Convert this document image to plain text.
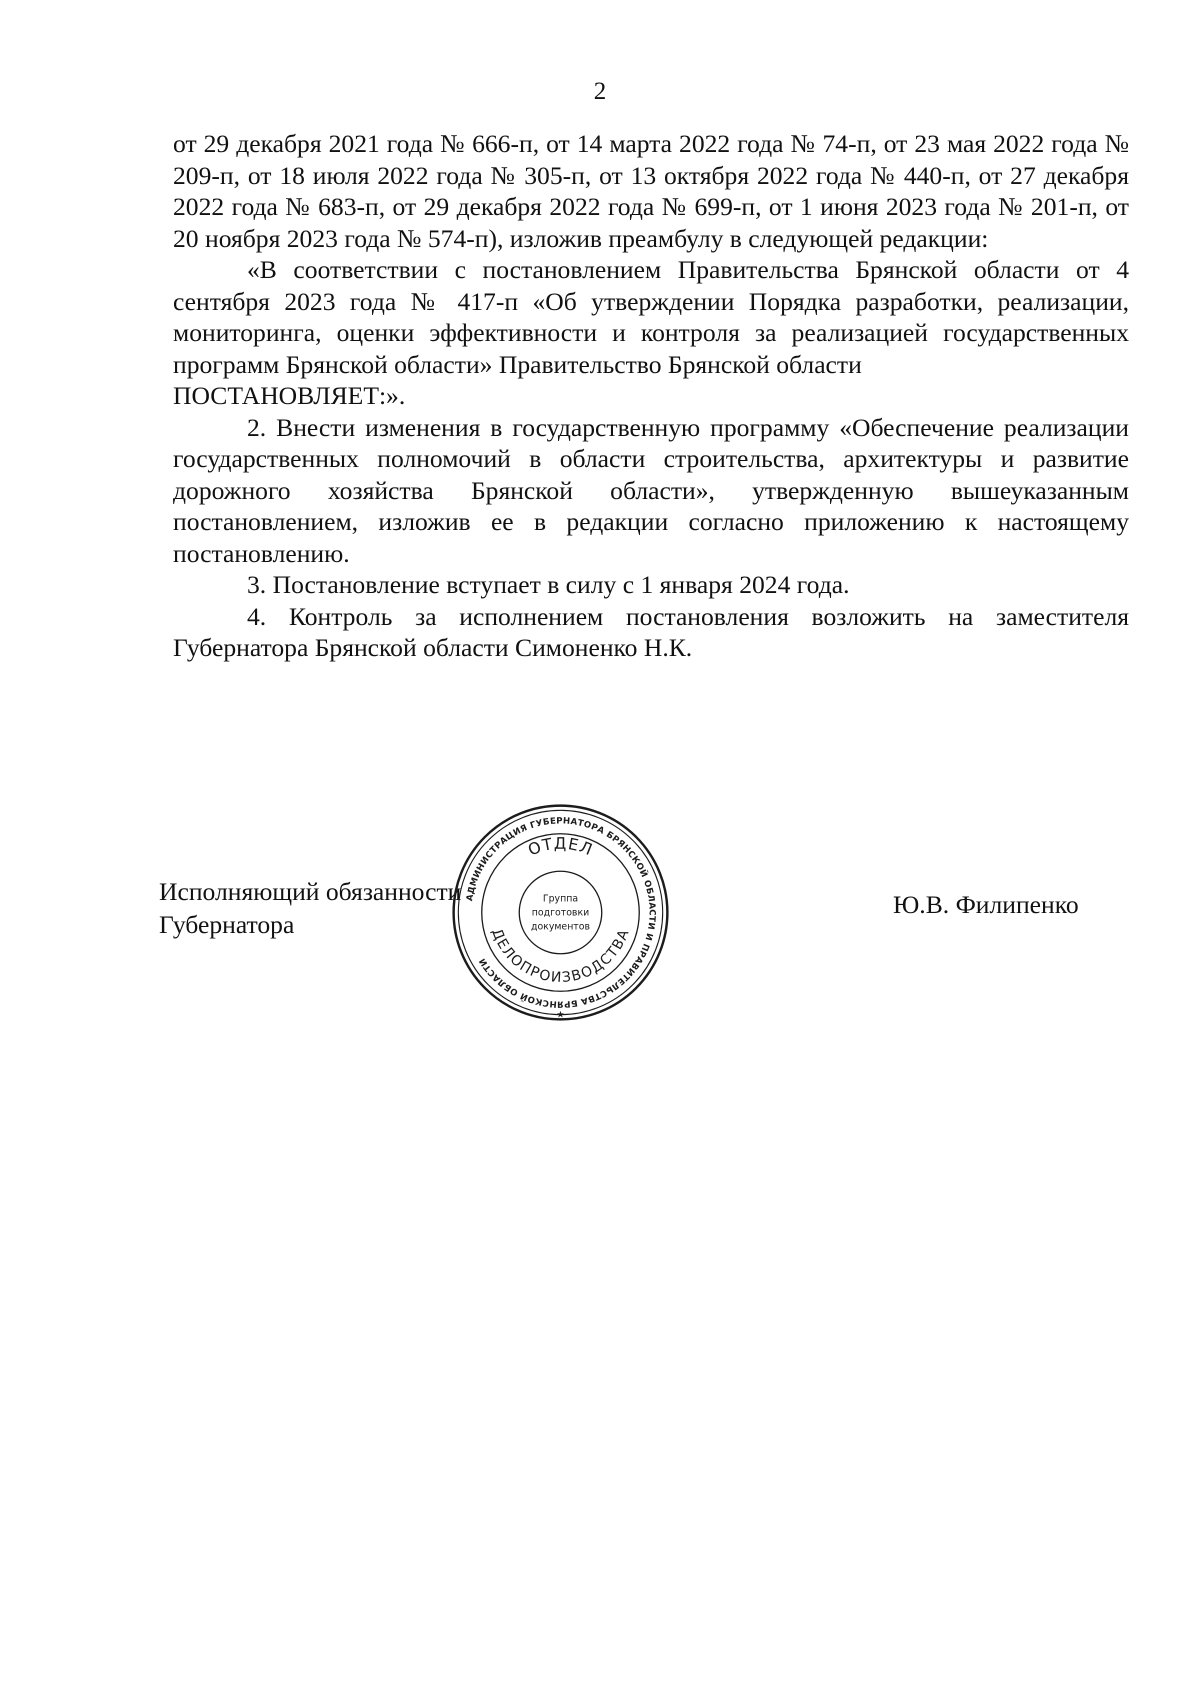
2

от 29 декабря 2021 года № 666-п, от 14 марта 2022 года № 74-п, от 23 мая 2022 года № 209-п, от 18 июля 2022 года № 305-п, от 13 октября 2022 года № 440-п, от 27 декабря 2022 года № 683-п, от 29 декабря 2022 года № 699-п, от 1 июня 2023 года № 201-п, от 20 ноября 2023 года № 574-п), изложив преамбулу в следующей редакции:

«В соответствии с постановлением Правительства Брянской области от 4 сентября 2023 года № 417-п «Об утверждении Порядка разработки, реализации, мониторинга, оценки эффективности и контроля за реализацией государственных программ Брянской области» Правительство Брянской области

ПОСТАНОВЛЯЕТ:».

2. Внести изменения в государственную программу «Обеспечение реализации государственных полномочий в области строительства, архитектуры и развитие дорожного хозяйства Брянской области», утвержденную вышеуказанным постановлением, изложив ее в редакции согласно приложению к настоящему постановлению.

3. Постановление вступает в силу с 1 января 2024 года.

4. Контроль за исполнением постановления возложить на заместителя Губернатора Брянской области Симоненко Н.К.

Исполняющий обязанности
Губернатора
Ю.В. Филипенко
АДМИНИСТРАЦИЯ ГУБЕРНАТОРА БРЯНСКОЙ ОБЛАСТИ И ПРАВИТЕЛЬСТВА БРЯНСКОЙ ОБЛАСТИ
ОТДЕЛ
ДЕЛОПРОИЗВОДСТВА
Группа
подготовки
документов
★
